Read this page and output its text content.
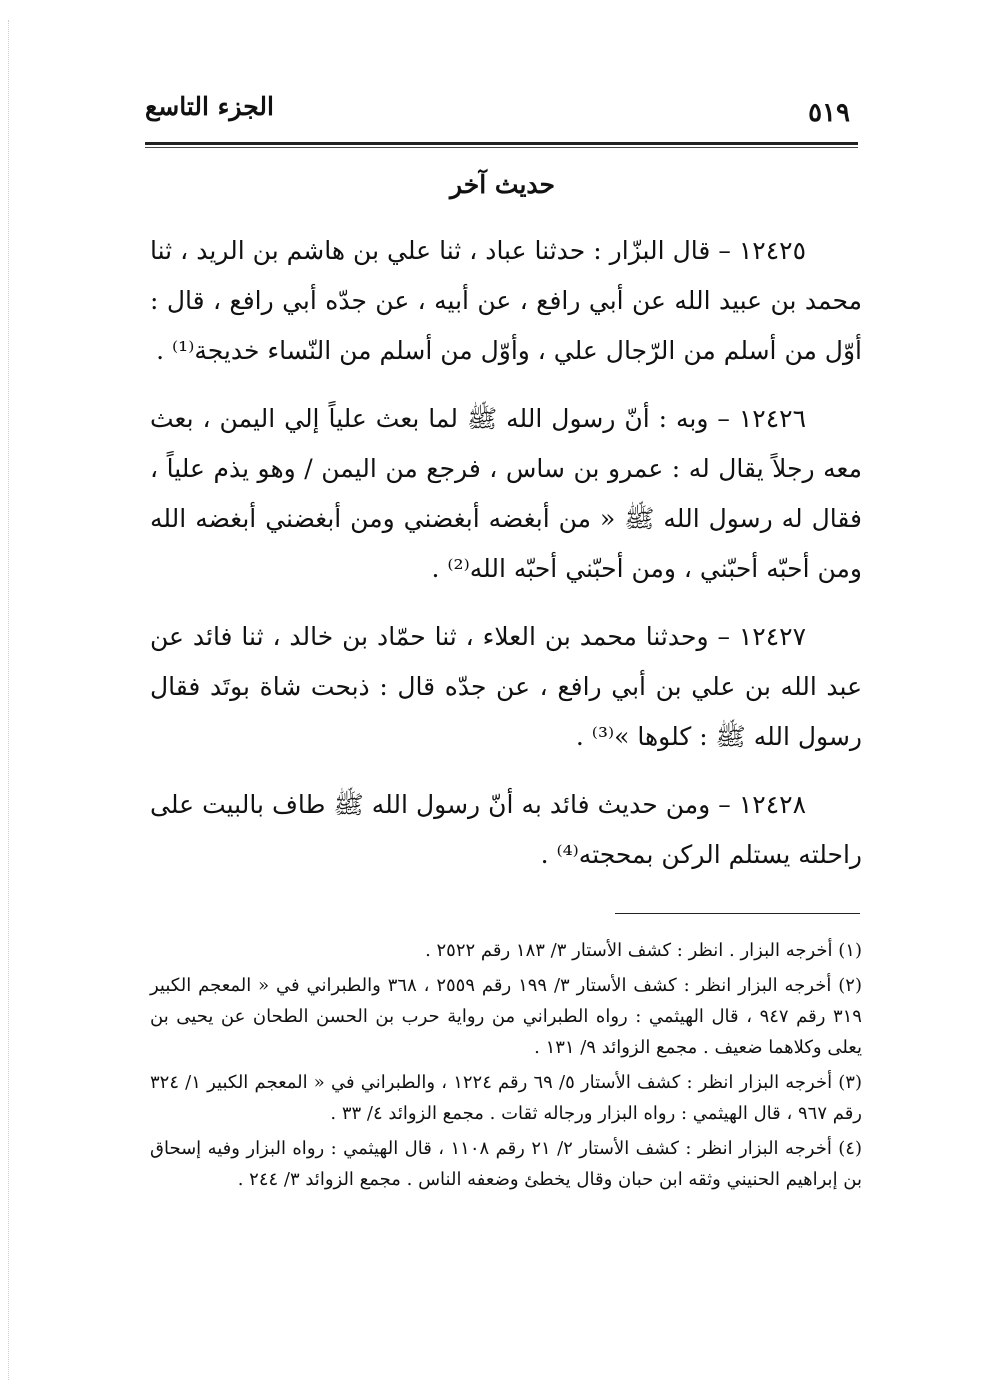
الجزء التاسع	٥١٩
حديث آخر

١٢٤٢٥ – قال البزّار : حدثنا عباد ، ثنا علي بن هاشم بن الريد ، ثنا محمد بن عبيد الله عن أبي رافع ، عن أبيه ، عن جدّه أبي رافع ، قال : أوّل من أسلم من الرّجال علي ، وأوّل من أسلم من النّساء خديجة⁽¹⁾ .

١٢٤٢٦ – وبه : أنّ رسول الله ﷺ لما بعث علياً إلي اليمن ، بعث معه رجلاً يقال له : عمرو بن ساس ، فرجع من اليمن / وهو يذم علياً ، فقال له رسول الله ﷺ « من أبغضه أبغضني ومن أبغضني أبغضه الله ومن أحبّه أحبّني ، ومن أحبّني أحبّه الله⁽²⁾ .

١٢٤٢٧ – وحدثنا محمد بن العلاء ، ثنا حمّاد بن خالد ، ثنا فائد عن عبد الله بن علي بن أبي رافع ، عن جدّه قال : ذبحت شاة بوتَد فقال رسول الله ﷺ : كلوها »⁽³⁾ .

١٢٤٢٨ – ومن حديث فائد به أنّ رسول الله ﷺ طاف بالبيت على راحلته يستلم الركن بمحجته⁽⁴⁾ .

(١) أخرجه البزار . انظر : كشف الأستار ٣/ ١٨٣ رقم ٢٥٢٢ .

(٢) أخرجه البزار انظر : كشف الأستار ٣/ ١٩٩ رقم ٢٥٥٩ ، ٣٦٨ والطبراني في « المعجم الكبير ٣١٩ رقم ٩٤٧ ، قال الهيثمي : رواه الطبراني من رواية حرب بن الحسن الطحان عن يحيى بن يعلى وكلاهما ضعيف . مجمع الزوائد ٩/ ١٣١ .

(٣) أخرجه البزار انظر : كشف الأستار ٥/ ٦٩ رقم ١٢٢٤ ، والطبراني في « المعجم الكبير ١/ ٣٢٤ رقم ٩٦٧ ، قال الهيثمي : رواه البزار ورجاله ثقات . مجمع الزوائد ٤/ ٣٣ .

(٤) أخرجه البزار انظر : كشف الأستار ٢/ ٢١ رقم ١١٠٨ ، قال الهيثمي : رواه البزار وفيه إسحاق بن إبراهيم الحنيني وثقه ابن حبان وقال يخطئ وضعفه الناس . مجمع الزوائد ٣/ ٢٤٤ .
